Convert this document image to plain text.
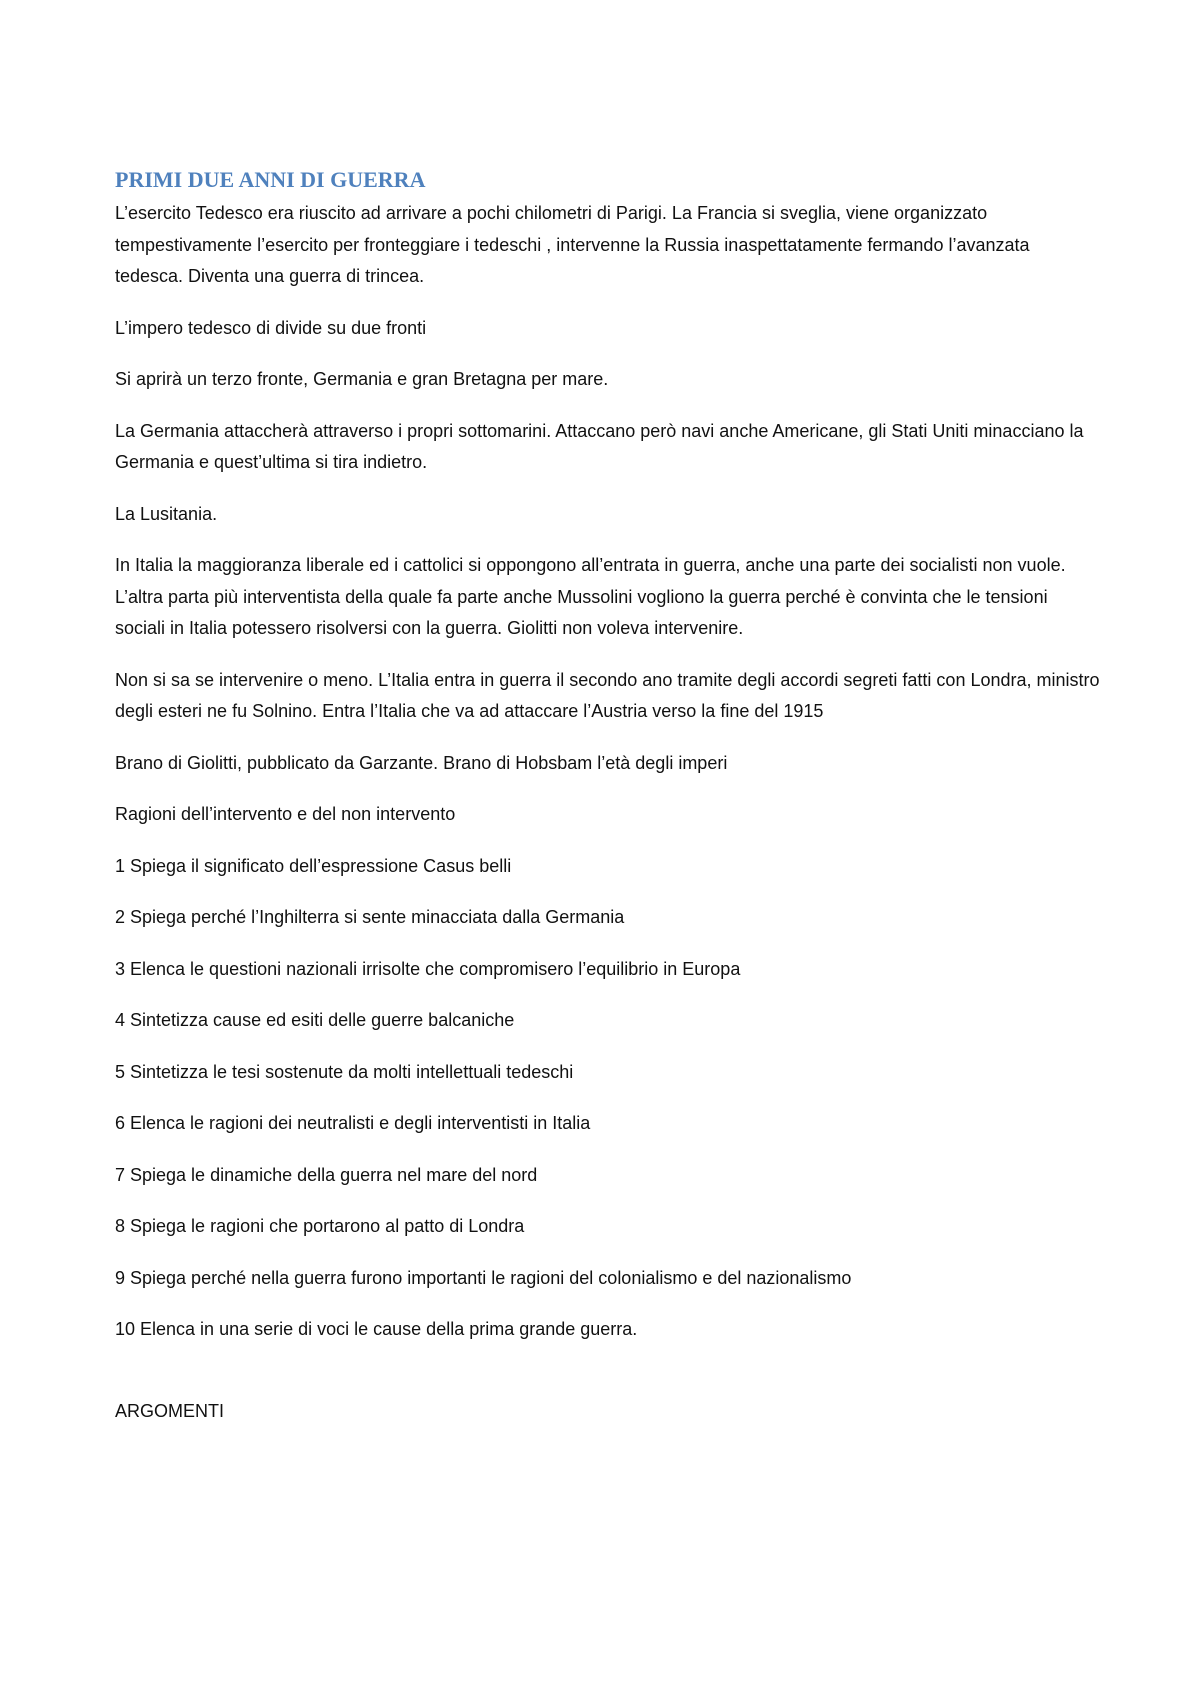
PRIMI DUE ANNI DI GUERRA

L’esercito Tedesco era riuscito ad arrivare a pochi chilometri di Parigi. La Francia si sveglia, viene organizzato tempestivamente l’esercito per fronteggiare i tedeschi , intervenne la Russia inaspettatamente fermando l’avanzata tedesca. Diventa una guerra di trincea.

L’impero tedesco di divide su due fronti

Si aprirà un terzo fronte, Germania e gran Bretagna per mare.

La Germania attaccherà attraverso i propri sottomarini. Attaccano però navi anche Americane, gli Stati Uniti minacciano la Germania e quest’ultima si tira indietro.

La Lusitania.

In Italia la maggioranza liberale ed i cattolici si oppongono all’entrata in guerra, anche una parte dei socialisti non vuole. L’altra parta più interventista della quale fa parte anche Mussolini vogliono la guerra perché è convinta che le tensioni sociali in Italia potessero risolversi con la guerra. Giolitti non voleva intervenire.

Non si sa se intervenire o meno. L’Italia entra in guerra il secondo ano tramite degli accordi segreti fatti con Londra, ministro degli esteri ne fu Solnino. Entra l’Italia che va ad attaccare l’Austria verso la fine del 1915

Brano di Giolitti, pubblicato da Garzante. Brano di Hobsbam l’età degli imperi

Ragioni dell’intervento e del non intervento

1 Spiega il significato dell’espressione Casus belli

2 Spiega perché l’Inghilterra si sente minacciata dalla Germania

3 Elenca le questioni nazionali irrisolte che compromisero l’equilibrio in Europa

4 Sintetizza cause ed esiti delle guerre balcaniche

5 Sintetizza le tesi sostenute da molti intellettuali tedeschi

6 Elenca le ragioni dei neutralisti e degli interventisti in Italia

7 Spiega le dinamiche della guerra nel mare del nord

8 Spiega le ragioni che portarono al patto di Londra

9 Spiega perché nella guerra furono importanti le ragioni del colonialismo e del nazionalismo

10 Elenca in una serie di voci le cause della prima grande guerra.

ARGOMENTI
